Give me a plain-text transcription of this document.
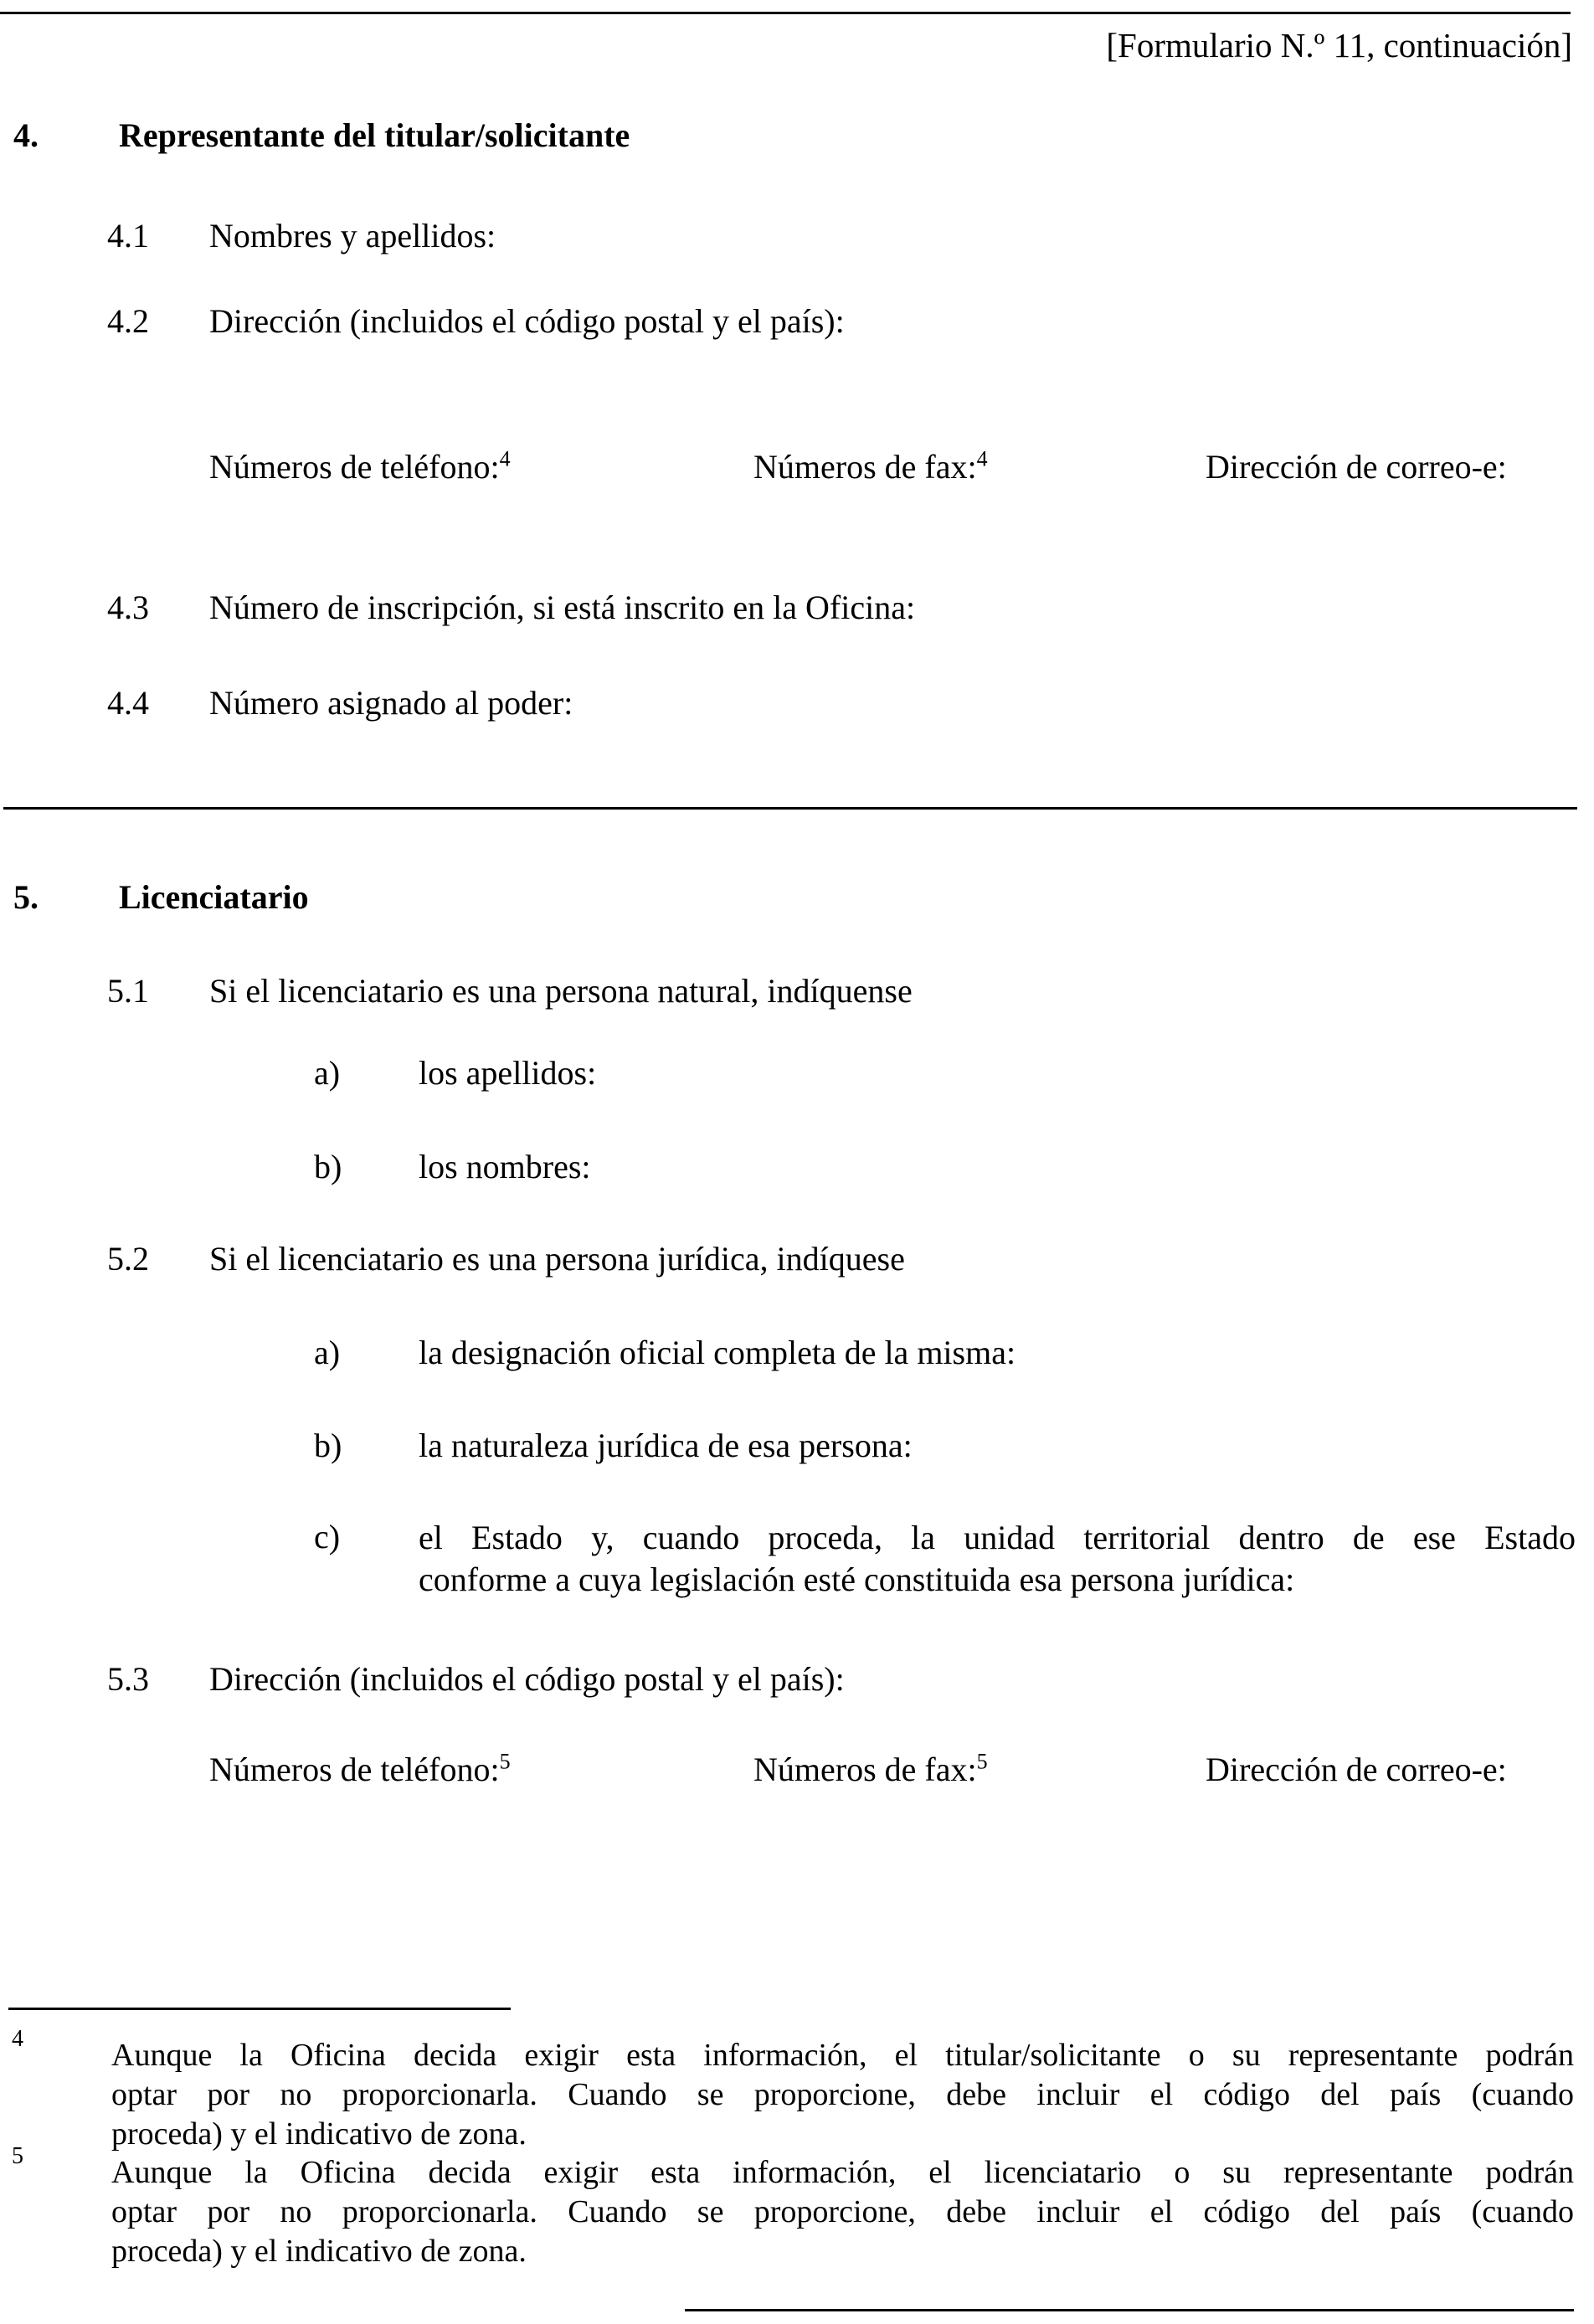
[Formulario N.º 11, continuación]
4. Representante del titular/solicitante
4.1 Nombres y apellidos:
4.2 Dirección (incluidos el código postal y el país):
Números de teléfono:$^4$	Números de fax:$^4$	Dirección de correo-e:
4.3 Número de inscripción, si está inscrito en la Oficina:
4.4 Número asignado al poder:
5. Licenciatario
5.1 Si el licenciatario es una persona natural, indíquense
a) los apellidos:
b) los nombres:
5.2 Si el licenciatario es una persona jurídica, indíquese
a) la designación oficial completa de la misma:
b) la naturaleza jurídica de esa persona:
c) el Estado y, cuando proceda, la unidad territorial dentro de ese Estado
conforme a cuya legislación esté constituida esa persona jurídica:
5.3 Dirección (incluidos el código postal y el país):
Números de teléfono:$^5$	Números de fax:$^5$	Dirección de correo-e:
4	Aunque la Oficina decida exigir esta información, el titular/solicitante o su representante podrán
optar por no proporcionarla. Cuando se proporcione, debe incluir el código del país (cuando
proceda) y el indicativo de zona.
5	Aunque la Oficina decida exigir esta información, el licenciatario o su representante podrán
optar por no proporcionarla. Cuando se proporcione, debe incluir el código del país (cuando
proceda) y el indicativo de zona.
